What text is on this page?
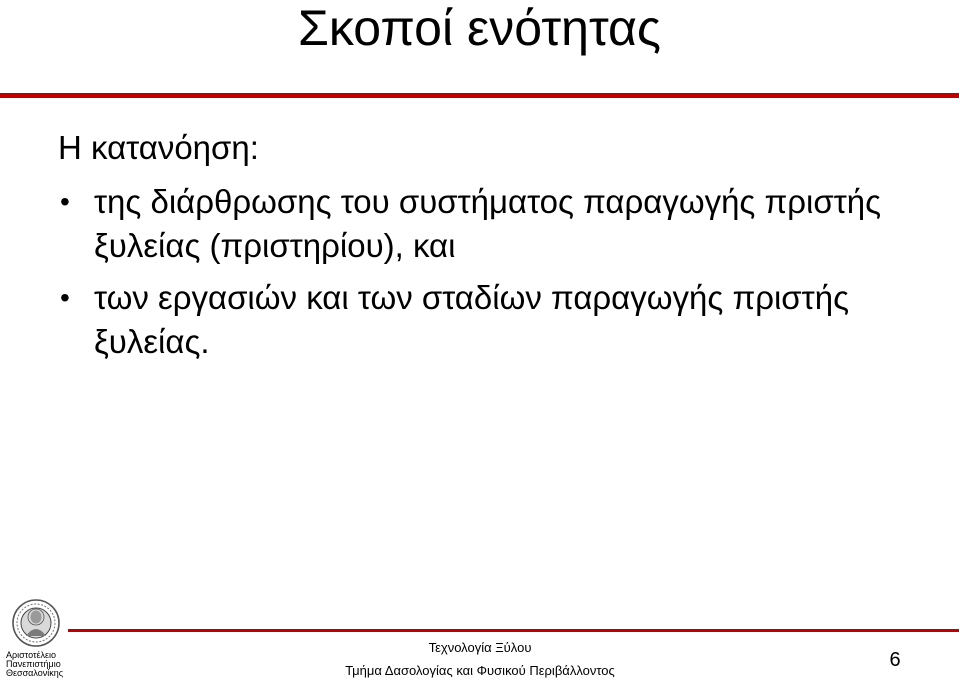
Σκοποί ενότητας

Η κατανόηση:

• της διάρθρωσης του συστήματος παραγωγής πριστής ξυλείας (πριστηρίου), και
• των εργασιών και των σταδίων παραγωγής πριστής ξυλείας.
Αριστοτέλειο
Πανεπιστήμιο
Θεσσαλονίκης
Τεχνολογία Ξύλου
Τμήμα Δασολογίας και Φυσικού Περιβάλλοντος	6
